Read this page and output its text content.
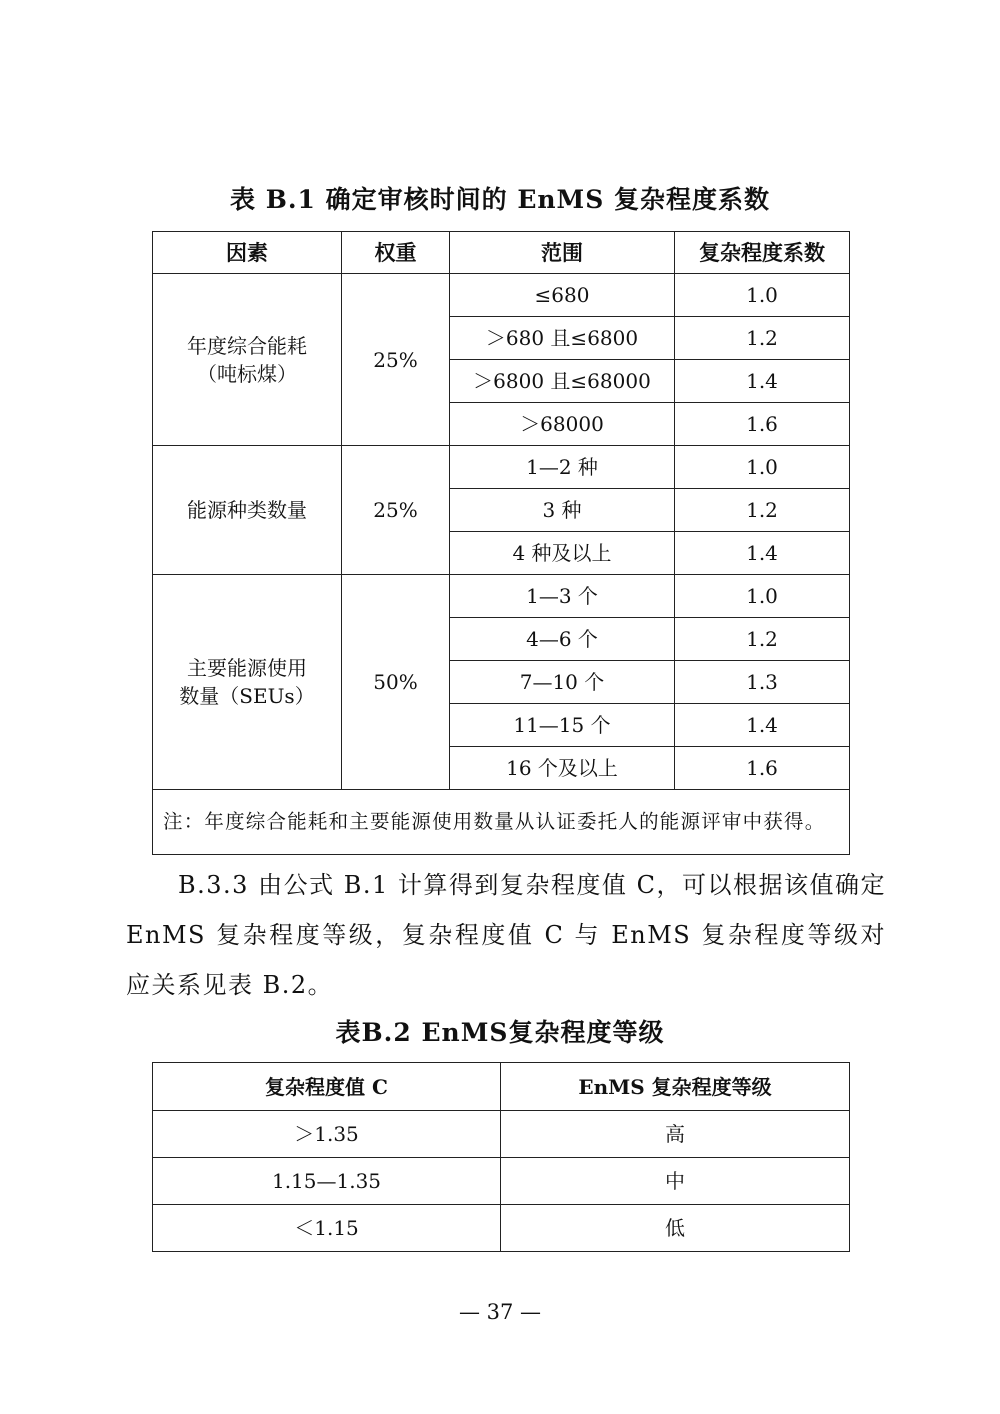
表 B.1 确定审核时间的 EnMS 复杂程度系数
因素	权重	范围	复杂程度系数

年度综合能耗
（吨标煤）	25%	≤680	1.0
		＞680 且≤6800	1.2
		＞6800 且≤68000	1.4
		＞68000	1.6

能源种类数量	25%	1—2 种	1.0
		3 种	1.2
		4 种及以上	1.4

主要能源使用
数量（SEUs）	50%	1—3 个	1.0
		4—6 个	1.2
		7—10 个	1.3
		11—15 个	1.4
		16 个及以上	1.6
注：年度综合能耗和主要能源使用数量从认证委托人的能源评审中获得。			
B.3.3 由公式 B.1 计算得到复杂程度值 C，可以根据该值确定 EnMS 复杂程度等级，复杂程度值 C 与 EnMS 复杂程度等级对应关系见表 B.2。
表B.2 EnMS复杂程度等级
复杂程度值 C	EnMS 复杂程度等级
＞1.35	高
1.15—1.35	中
＜1.15	低
— 37 —
